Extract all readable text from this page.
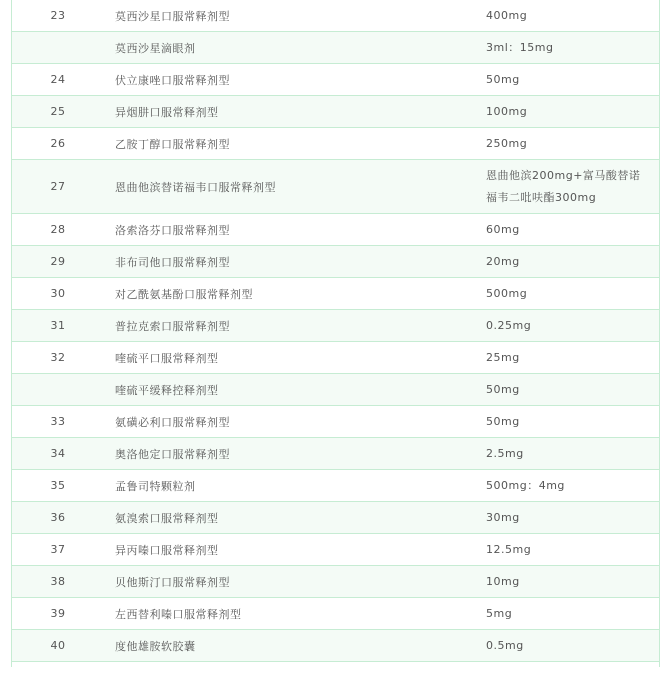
23	莫西沙星口服常释剂型	400mg
	莫西沙星滴眼剂	3ml：15mg
24	伏立康唑口服常释剂型	50mg
25	异烟肼口服常释剂型	100mg
26	乙胺丁醇口服常释剂型	250mg
27	恩曲他滨替诺福韦口服常释剂型	恩曲他滨200mg+富马酸替诺福韦二吡呋酯300mg
28	洛索洛芬口服常释剂型	60mg
29	非布司他口服常释剂型	20mg
30	对乙酰氨基酚口服常释剂型	500mg
31	普拉克索口服常释剂型	0.25mg
32	喹硫平口服常释剂型	25mg
	喹硫平缓释控释剂型	50mg
33	氨磺必利口服常释剂型	50mg
34	奥洛他定口服常释剂型	2.5mg
35	孟鲁司特颗粒剂	500mg：4mg
36	氨溴索口服常释剂型	30mg
37	异丙嗪口服常释剂型	12.5mg
38	贝他斯汀口服常释剂型	10mg
39	左西替利嗪口服常释剂型	5mg
40	度他雄胺软胶囊	0.5mg
